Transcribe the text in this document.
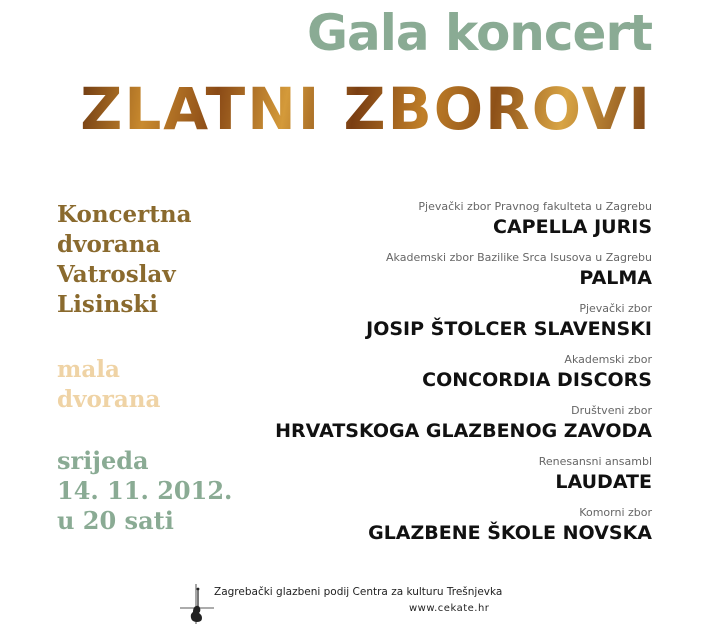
Gala koncert
ZLATNI ZBOROVI
Koncertna
dvorana
Vatroslav
Lisinski
mala
dvorana
srijeda
14. 11. 2012.
u 20 sati
Pjevački zbor Pravnog fakulteta u Zagrebu
CAPELLA JURIS
Akademski zbor Bazilike Srca Isusova u Zagrebu
PALMA
Pjevački zbor
JOSIP ŠTOLCER SLAVENSKI
Akademski zbor
CONCORDIA DISCORS
Društveni zbor
HRVATSKOGA GLAZBENOG ZAVODA
Renesansni ansambl
LAUDATE
Komorni zbor
GLAZBENE ŠKOLE NOVSKA
Zagrebački glazbeni podij Centra za kulturu Trešnjevka
www.cekate.hr
